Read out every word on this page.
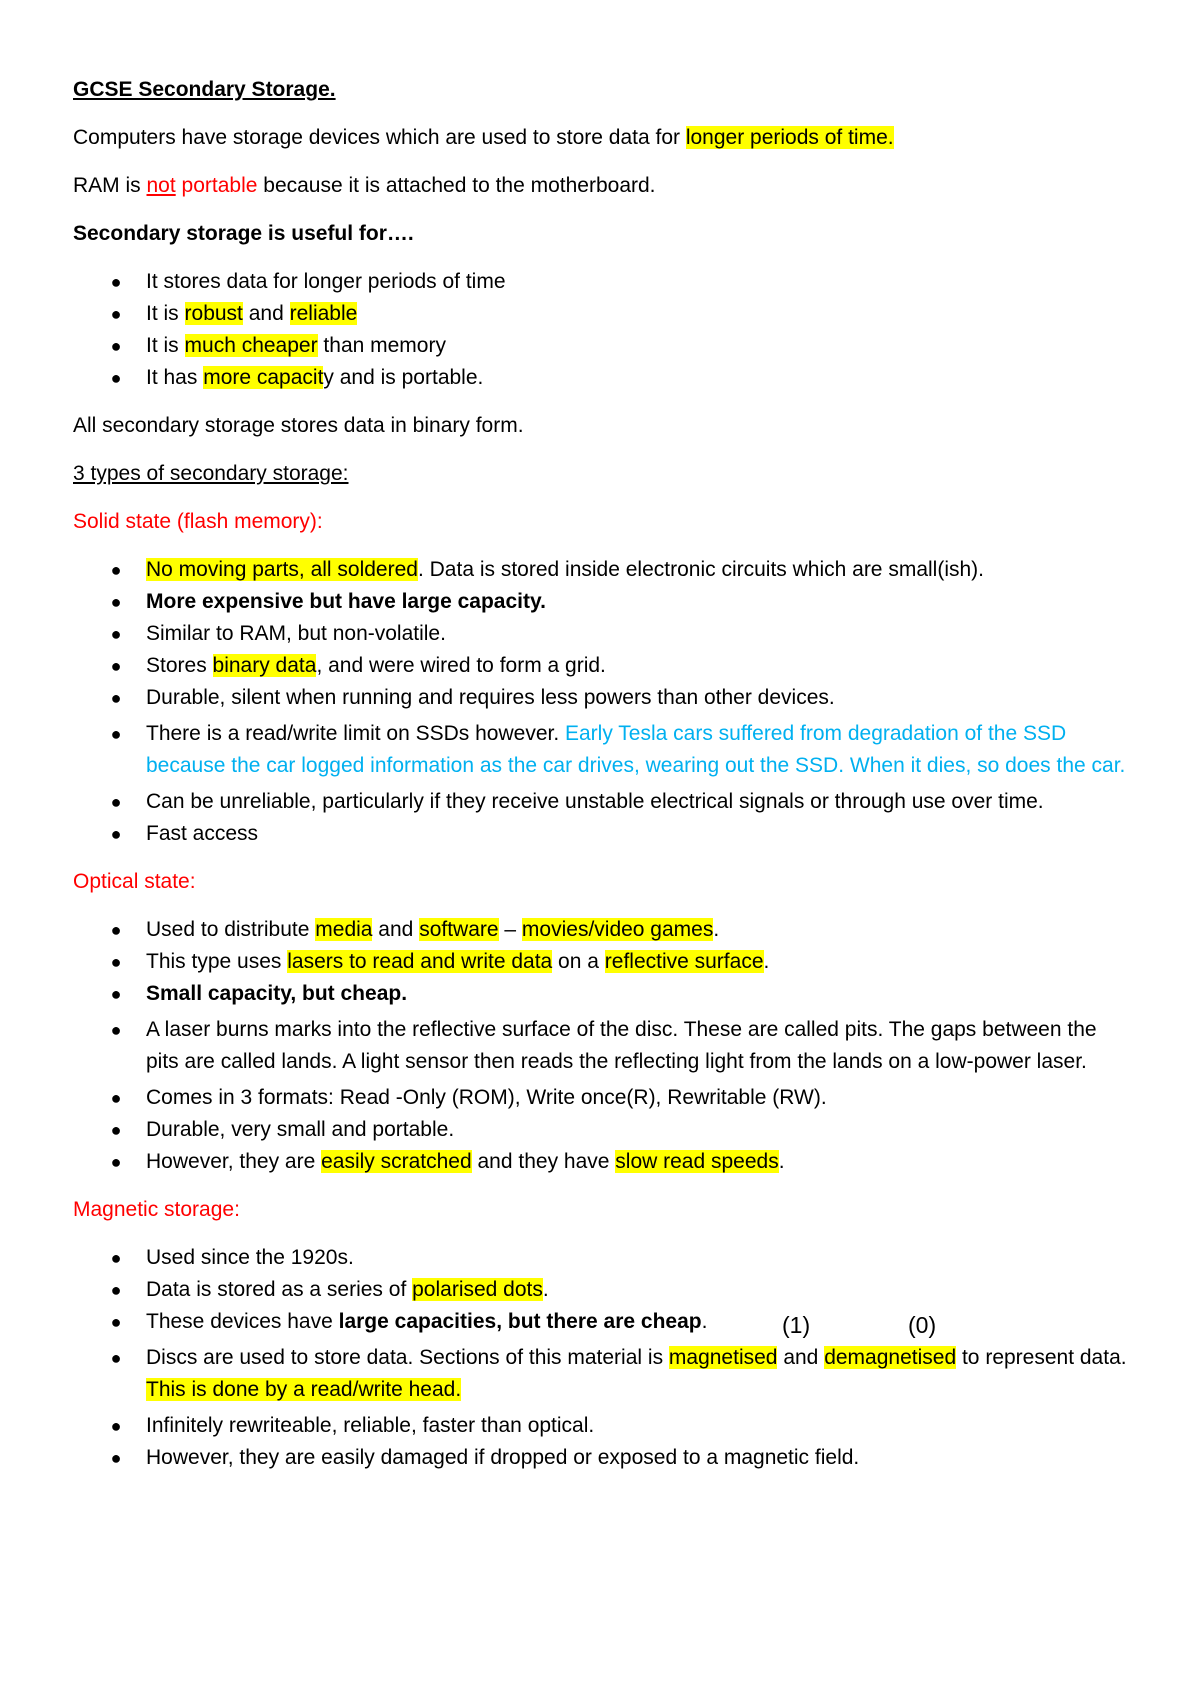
GCSE Secondary Storage.

Computers have storage devices which are used to store data for longer periods of time.

RAM is not portable because it is attached to the motherboard.

Secondary storage is useful for….

● It stores data for longer periods of time
● It is robust and reliable
● It is much cheaper than memory
● It has more capacity and is portable.

All secondary storage stores data in binary form.

3 types of secondary storage:

Solid state (flash memory):

● No moving parts, all soldered. Data is stored inside electronic circuits which are small(ish).
● More expensive but have large capacity.
● Similar to RAM, but non-volatile.
● Stores binary data, and were wired to form a grid.
● Durable, silent when running and requires less powers than other devices.
● There is a read/write limit on SSDs however. Early Tesla cars suffered from degradation of the SSD because the car logged information as the car drives, wearing out the SSD. When it dies, so does the car.
● Can be unreliable, particularly if they receive unstable electrical signals or through use over time.
● Fast access

Optical state:

● Used to distribute media and software – movies/video games.
● This type uses lasers to read and write data on a reflective surface.
● Small capacity, but cheap.
● A laser burns marks into the reflective surface of the disc. These are called pits. The gaps between the pits are called lands. A light sensor then reads the reflecting light from the lands on a low-power laser.
● Comes in 3 formats: Read -Only (ROM), Write once(R), Rewritable (RW).
● Durable, very small and portable.
● However, they are easily scratched and they have slow read speeds.

Magnetic storage:

● Used since the 1920s.
● Data is stored as a series of polarised dots.
● These devices have large capacities, but there are cheap.
● Discs are used to store data. Sections of this material is magnetised and demagnetised to represent data. This is done by a read/write head.
● Infinitely rewriteable, reliable, faster than optical.
● However, they are easily damaged if dropped or exposed to a magnetic field.
(1)	(0)
